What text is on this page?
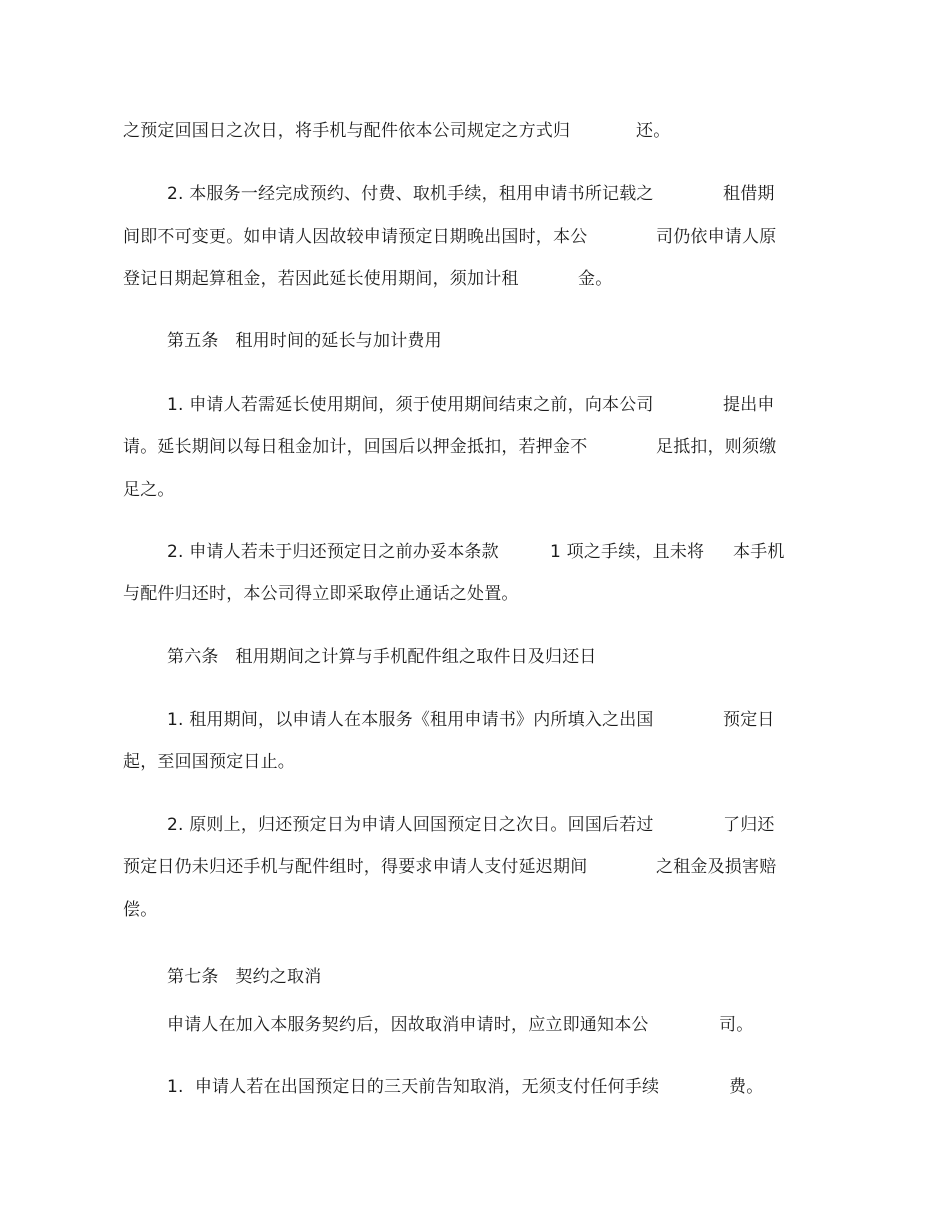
之预定回国日之次日，将手机与配件依本公司规定之方式归	还。
2. 本服务一经完成预约、付费、取机手续，租用申请书所记载之	租借期
间即不可变更。如申请人因故较申请预定日期晚出国时，本公	司仍依申请人原
登记日期起算租金，若因此延长使用期间，须加计租	金。
第五条   租用时间的延长与加计费用
1. 申请人若需延长使用期间，须于使用期间结束之前，向本公司	提出申
请。延长期间以每日租金加计，回国后以押金抵扣，若押金不	足抵扣，则须缴
足之。
2. 申请人若未于归还预定日之前办妥本条款	1 项之手续，且未将 本手机
与配件归还时，本公司得立即采取停止通话之处置。
第六条   租用期间之计算与手机配件组之取件日及归还日
1. 租用期间，以申请人在本服务《租用申请书》内所填入之出国	预定日
起，至回国预定日止。
2. 原则上，归还预定日为申请人回国预定日之次日。回国后若过	了归还
预定日仍未归还手机与配件组时，得要求申请人支付延迟期间	之租金及损害赔
偿。
第七条   契约之取消
申请人在加入本服务契约后，因故取消申请时，应立即通知本公	司。
1.  申请人若在出国预定日的三天前告知取消，无须支付任何手续	费。
